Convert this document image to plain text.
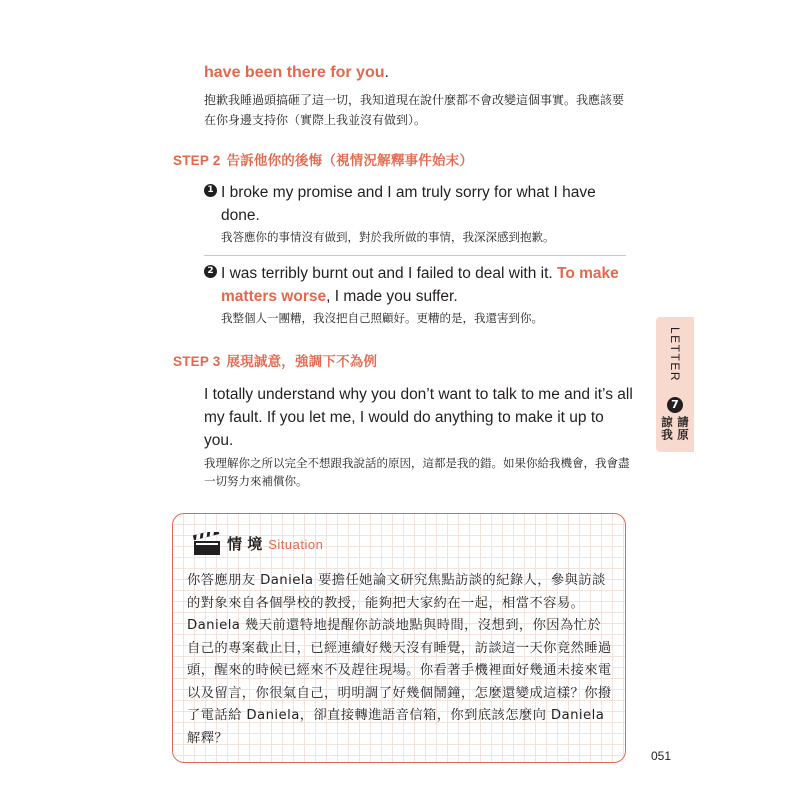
have been there for you.
抱歉我睡過頭搞砸了這一切，我知道現在說什麼都不會改變這個事實。我應該要在你身邊支持你（實際上我並沒有做到）。
STEP 2 告訴他你的後悔（視情況解釋事件始末）
1 I broke my promise and I am truly sorry for what I have done.
我答應你的事情沒有做到，對於我所做的事情，我深深感到抱歉。
2 I was terribly burnt out and I failed to deal with it. To make matters worse, I made you suffer.
我整個人一團糟，我沒把自己照顧好。更糟的是，我還害到你。
STEP 3 展現誠意，強調下不為例
I totally understand why you don’t want to talk to me and it’s all my fault. If you let me, I would do anything to make it up to you.
我理解你之所以完全不想跟我說話的原因，這都是我的錯。如果你給我機會，我會盡一切努力來補償你。
LETTER
7
請原諒我
情 境 Situation
你答應朋友 Daniela 要擔任她論文研究焦點訪談的紀錄人，參與訪談的對象來自各個學校的教授，能夠把大家約在一起，相當不容易。Daniela 幾天前還特地提醒你訪談地點與時間，沒想到，你因為忙於自己的專案截止日，已經連續好幾天沒有睡覺，訪談這一天你竟然睡過頭，醒來的時候已經來不及趕往現場。你看著手機裡面好幾通未接來電以及留言，你很氣自己，明明調了好幾個鬧鐘，怎麼還變成這樣？你撥了電話給 Daniela，卻直接轉進語音信箱，你到底該怎麼向 Daniela 解釋？
051
